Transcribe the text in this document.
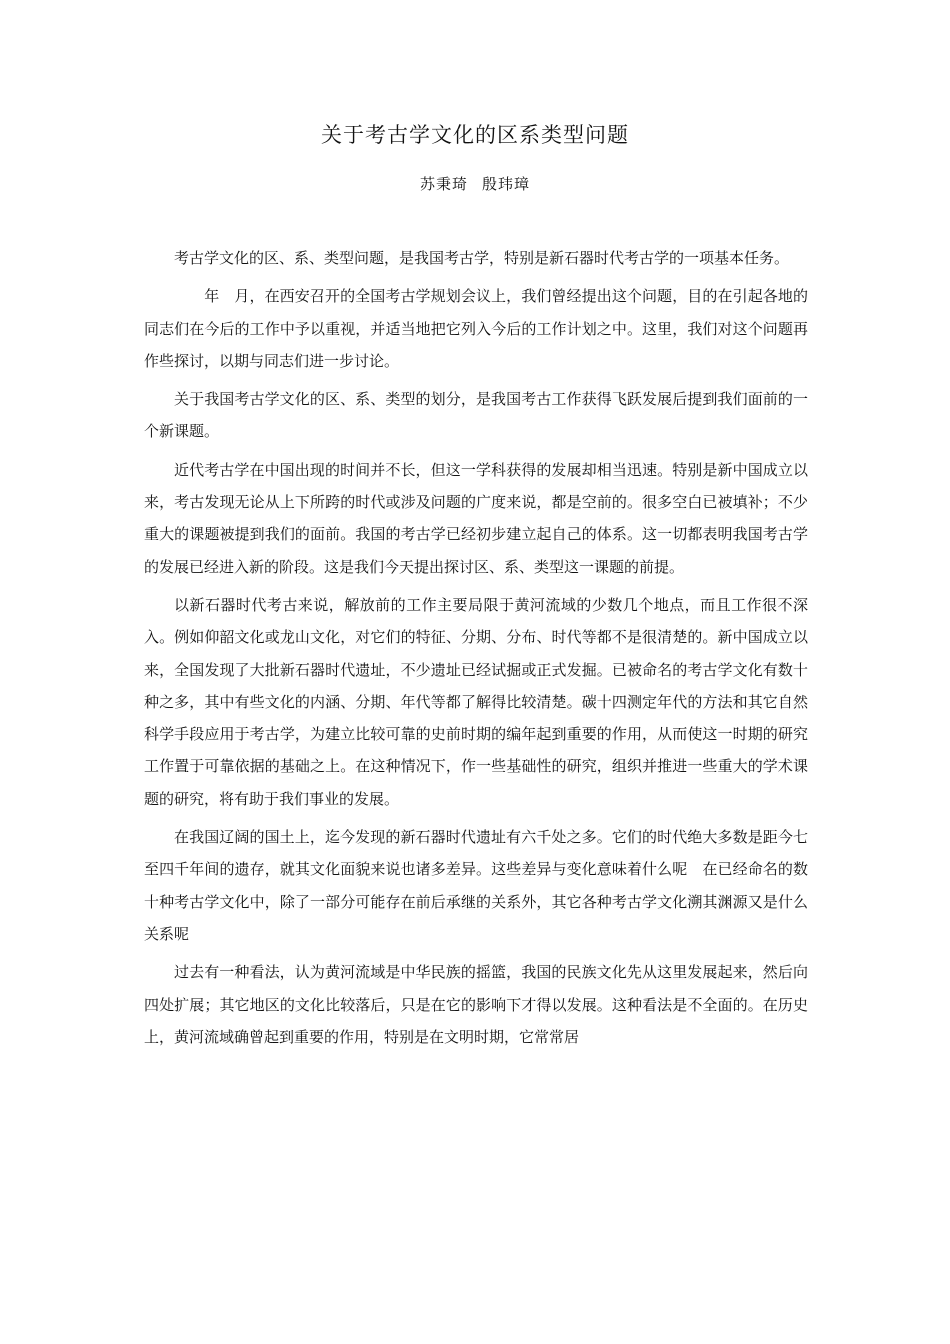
关于考古学文化的区系类型问题
苏秉琦 殷玮璋

考古学文化的区、系、类型问题，是我国考古学，特别是新石器时代考古学的一项基本任务。

　　年　月，在西安召开的全国考古学规划会议上，我们曾经提出这个问题，目的在引起各地的同志们在今后的工作中予以重视，并适当地把它列入今后的工作计划之中。这里，我们对这个问题再作些探讨，以期与同志们进一步讨论。

关于我国考古学文化的区、系、类型的划分，是我国考古工作获得飞跃发展后提到我们面前的一个新课题。

近代考古学在中国出现的时间并不长，但这一学科获得的发展却相当迅速。特别是新中国成立以来，考古发现无论从上下所跨的时代或涉及问题的广度来说，都是空前的。很多空白已被填补；不少重大的课题被提到我们的面前。我国的考古学已经初步建立起自己的体系。这一切都表明我国考古学的发展已经进入新的阶段。这是我们今天提出探讨区、系、类型这一课题的前提。

以新石器时代考古来说，解放前的工作主要局限于黄河流域的少数几个地点，而且工作很不深入。例如仰韶文化或龙山文化，对它们的特征、分期、分布、时代等都不是很清楚的。新中国成立以来，全国发现了大批新石器时代遗址，不少遗址已经试掘或正式发掘。已被命名的考古学文化有数十种之多，其中有些文化的内涵、分期、年代等都了解得比较清楚。碳十四测定年代的方法和其它自然科学手段应用于考古学，为建立比较可靠的史前时期的编年起到重要的作用，从而使这一时期的研究工作置于可靠依据的基础之上。在这种情况下，作一些基础性的研究，组织并推进一些重大的学术课题的研究，将有助于我们事业的发展。

在我国辽阔的国土上，迄今发现的新石器时代遗址有六千处之多。它们的时代绝大多数是距今七至四千年间的遗存，就其文化面貌来说也诸多差异。这些差异与变化意味着什么呢　在已经命名的数十种考古学文化中，除了一部分可能存在前后承继的关系外，其它各种考古学文化溯其渊源又是什么关系呢

过去有一种看法，认为黄河流域是中华民族的摇篮，我国的民族文化先从这里发展起来，然后向四处扩展；其它地区的文化比较落后，只是在它的影响下才得以发展。这种看法是不全面的。在历史上，黄河流域确曾起到重要的作用，特别是在文明时期，它常常居
